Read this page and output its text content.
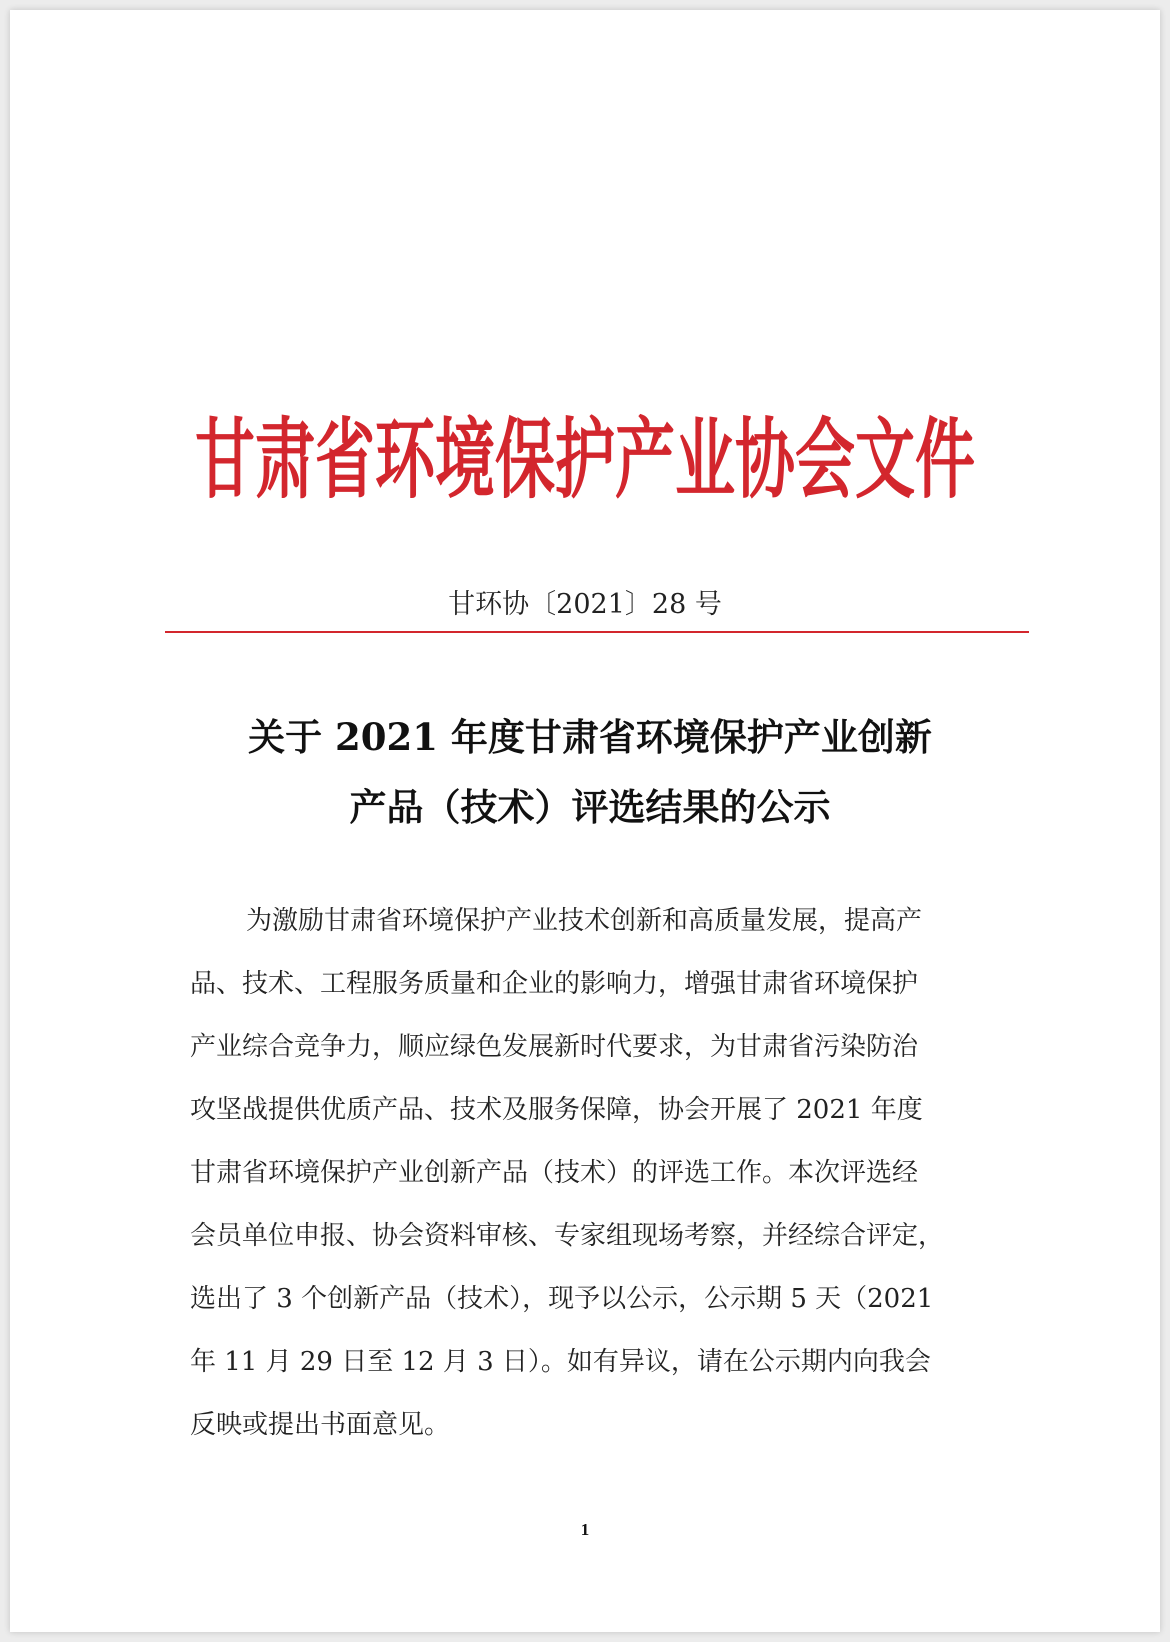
甘肃省环境保护产业协会文件
甘环协〔2021〕28 号
关于 2021 年度甘肃省环境保护产业创新
产品（技术）评选结果的公示
为激励甘肃省环境保护产业技术创新和高质量发展，提高产
品、技术、工程服务质量和企业的影响力，增强甘肃省环境保护
产业综合竞争力，顺应绿色发展新时代要求，为甘肃省污染防治
攻坚战提供优质产品、技术及服务保障，协会开展了 2021 年度
甘肃省环境保护产业创新产品（技术）的评选工作。本次评选经
会员单位申报、协会资料审核、专家组现场考察，并经综合评定，
选出了 3 个创新产品（技术），现予以公示，公示期 5 天（2021
年 11 月 29 日至 12 月 3 日）。如有异议，请在公示期内向我会
反映或提出书面意见。
1
